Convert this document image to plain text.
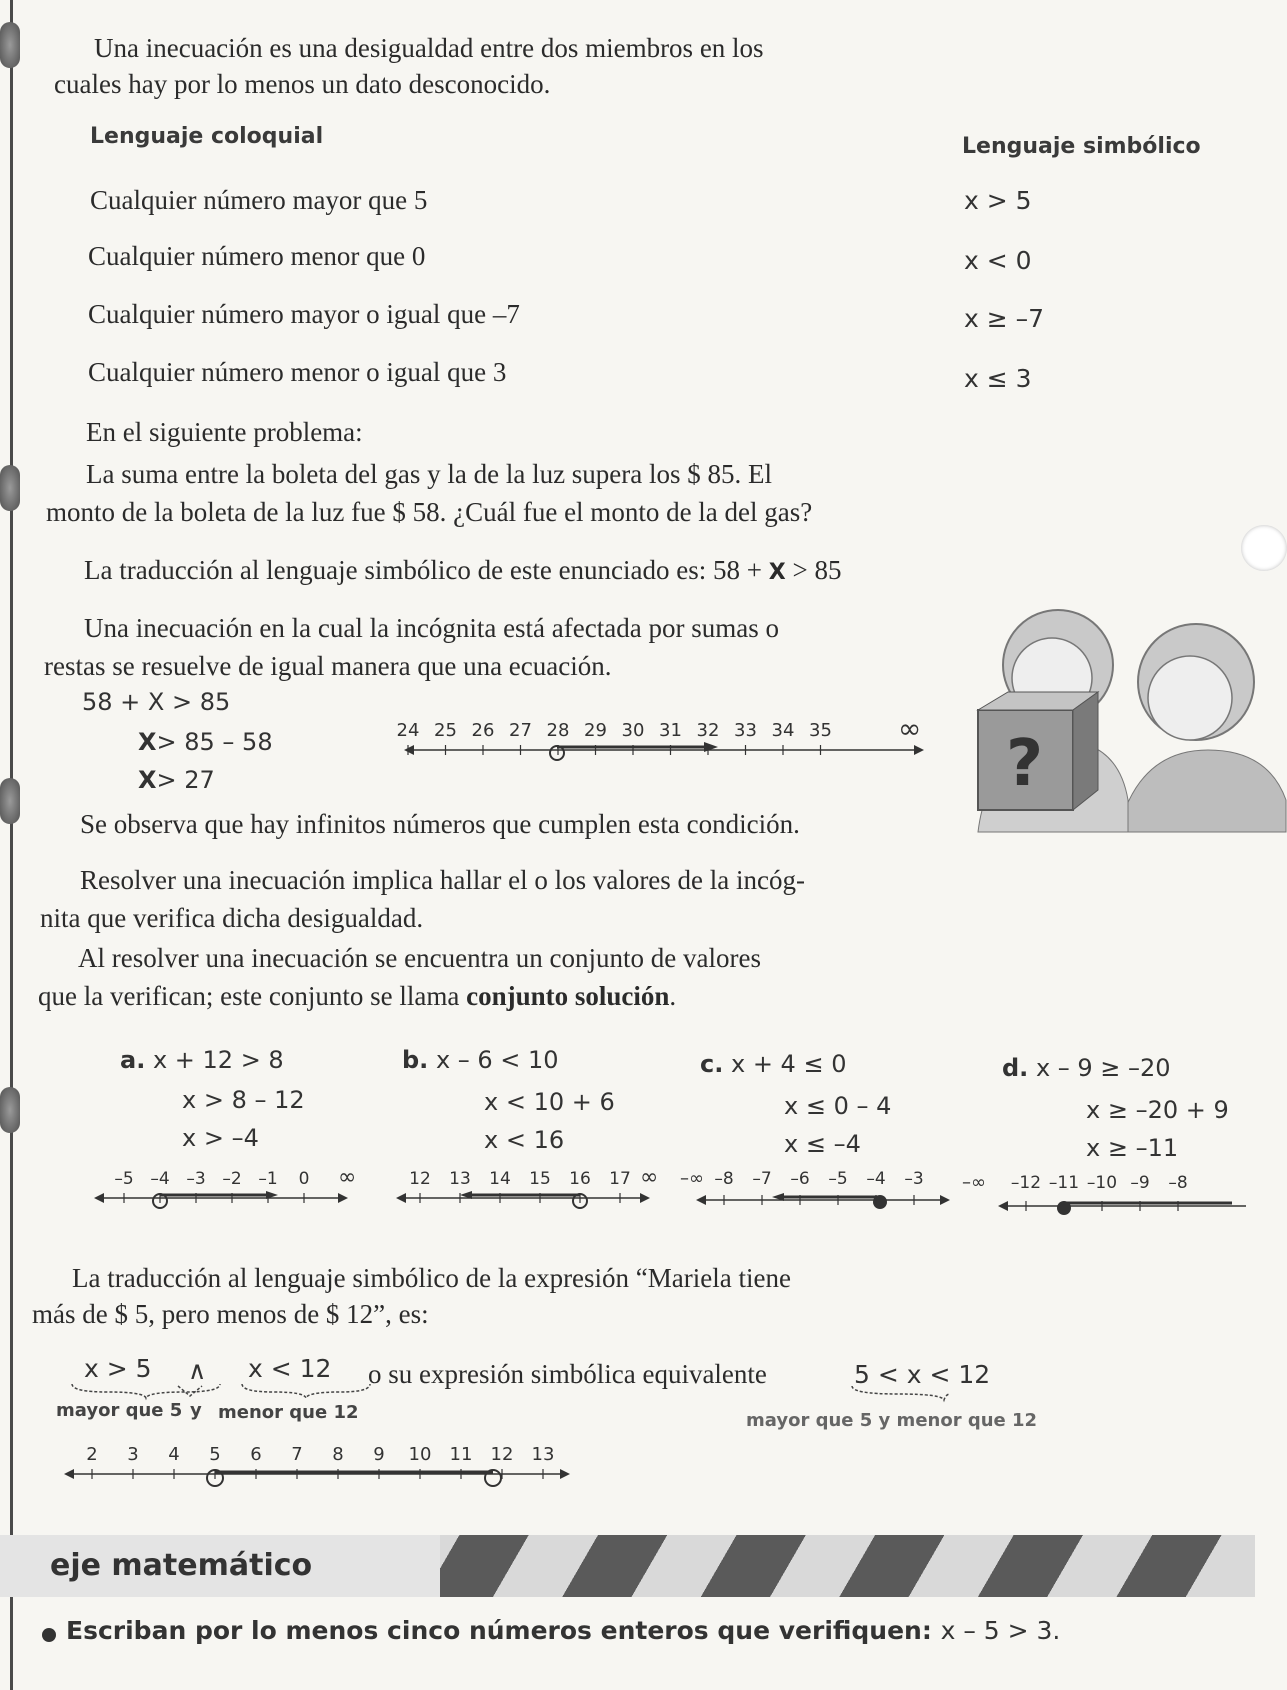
Una inecuación es una desigualdad entre dos miembros en los
cuales hay por lo menos un dato desconocido.
Lenguaje coloquial	Lenguaje simbólico
Cualquier número mayor que 5	x > 5
Cualquier número menor que 0	x < 0
Cualquier número mayor o igual que –7	x ≥ –7
Cualquier número menor o igual que 3	x ≤ 3
En el siguiente problema:
La suma entre la boleta del gas y la de la luz supera los $ 85. El
monto de la boleta de la luz fue $ 58. ¿Cuál fue el monto de la del gas?
La traducción al lenguaje simbólico de este enunciado es: 58 + X > 85
Una inecuación en la cual la incógnita está afectada por sumas o
restas se resuelve de igual manera que una ecuación.
58 + X > 85
X> 85 – 58
X> 27
24 25 26 27 28 29 30 31 32 33 34 35 ∞
Se observa que hay infinitos números que cumplen esta condición.
?
Resolver una inecuación implica hallar el o los valores de la incóg-
nita que verifica dicha desigualdad.
Al resolver una inecuación se encuentra un conjunto de valores
que la verifican; este conjunto se llama conjunto solución.
a. x + 12 > 8
x > 8 – 12
x > –4
b. x – 6 < 10
x < 10 + 6
x < 16
c. x + 4 ≤ 0
x ≤ 0 – 4
x ≤ –4
d. x – 9 ≥ –20
x ≥ –20 + 9
x ≥ –11
–5 –4 –3 –2 –1 0 ∞	12 13 14 15 16 17 ∞ –∞ –8 –7 –6 –5 –4 –3 –∞ –12 –11 –10 –9 –8
La traducción al lenguaje simbólico de la expresión “Mariela tiene
más de $ 5, pero menos de $ 12”, es:
x > 5 ∧ x < 12 o su expresión simbólica equivalente	5 < x < 12
mayor que 5 y menor que 12	mayor que 5 y menor que 12
2 3 4 5 6 7 8 9 10 11 12 13
eje matemático
Escriban por lo menos cinco números enteros que verifiquen: x – 5 > 3.
